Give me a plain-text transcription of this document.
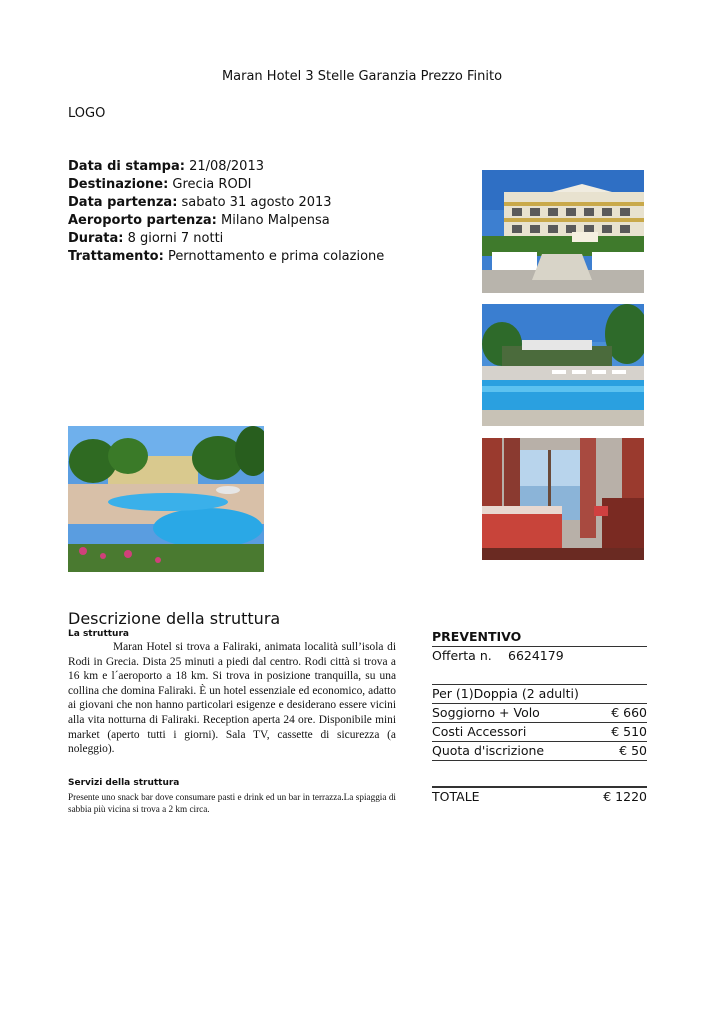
Maran Hotel 3 Stelle Garanzia Prezzo Finito
LOGO
Data di stampa: 21/08/2013
Destinazione: Grecia RODI
Data partenza: sabato 31 agosto 2013
Aeroporto partenza: Milano Malpensa
Durata: 8 giorni 7 notti
Trattamento: Pernottamento e prima colazione
Descrizione della struttura
La struttura
Maran Hotel si trova a Faliraki, animata località sull’isola di Rodi in Grecia. Dista 25 minuti a piedi dal centro. Rodi città si trova a 16 km e l´aeroporto a 18 km. Si trova in posizione tranquilla, su una collina che domina Faliraki. È un hotel essenziale ed economico, adatto ai giovani che non hanno particolari esigenze e desiderano essere vicini alla vita notturna di Faliraki. Reception aperta 24 ore. Disponibile mini market (aperto tutti i giorni). Sala TV, cassette di sicurezza (a noleggio).
Servizi della struttura
Presente uno snack bar dove consumare pasti e drink ed un bar in terrazza.La spiaggia di sabbia più vicina si trova a 2 km circa.
PREVENTIVO
Offerta n.	6624179
Per (1)Doppia (2 adulti)
Soggiorno + Volo	€ 660
Costi Accessori	€ 510
Quota d'iscrizione	€ 50
TOTALE	€ 1220
